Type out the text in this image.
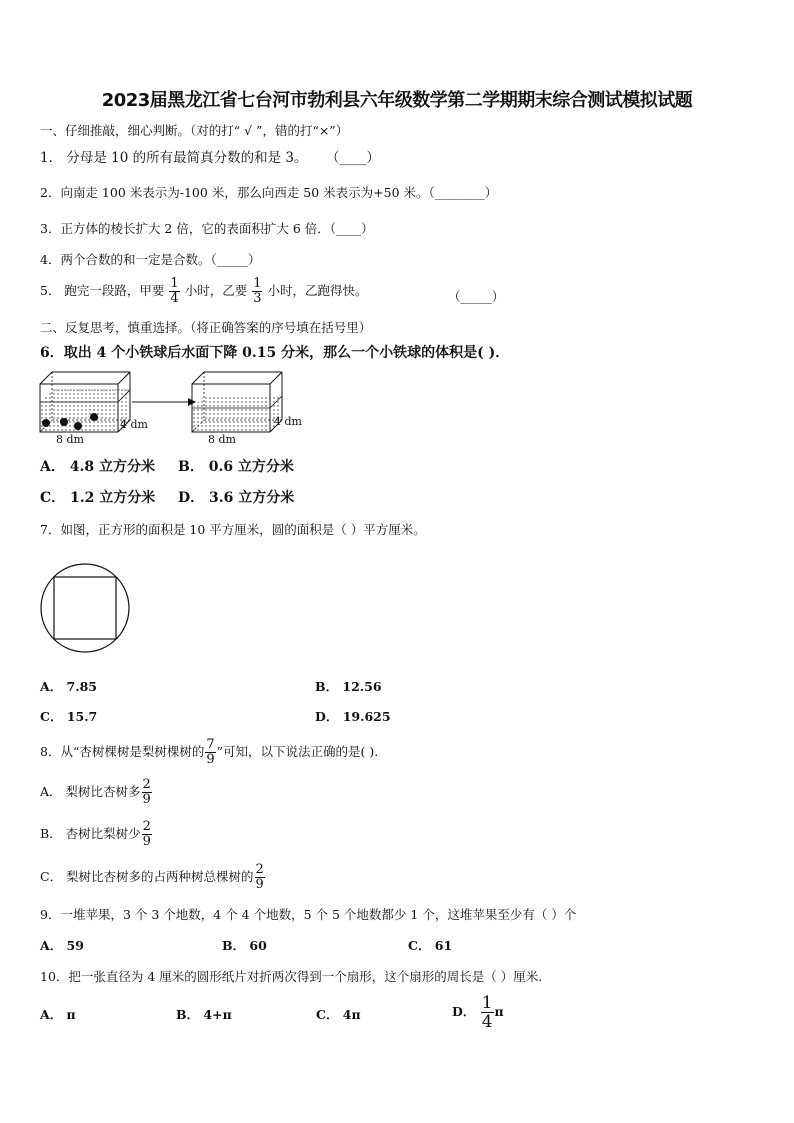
2023届黑龙江省七台河市勃利县六年级数学第二学期期末综合测试模拟试题
一、仔细推敲，细心判断。（对的打“ √ ”，错的打“×”）
1． 分母是 10 的所有最简真分数的和是 3。 （____）
2．向南走 100 米表示为-100 米，那么向西走 50 米表示为+50 米。（________）
3．正方体的棱长扩大 2 倍，它的表面积扩大 6 倍．（____）
4．两个合数的和一定是合数。（_____）
5． 跑完一段路，甲要 $\frac{1}{4}$ 小时，乙要 $\frac{1}{3}$ 小时，乙跑得快。	（_____）
二、反复思考，慎重选择。（将正确答案的序号填在括号里）
6．取出 4 个小铁球后水面下降 0.15 分米，那么一个小铁球的体积是( )．
4 dm
8 dm
4 dm
8 dm
A． 4.8 立方分米 B． 0.6 立方分米
C． 1.2 立方分米 D． 3.6 立方分米
7．如图，正方形的面积是 10 平方厘米，圆的面积是（ ）平方厘米。
A． 7.85	B． 12.56
C． 15.7	D． 19.625
8．从“杏树棵树是梨树棵树的 $\frac{7}{9}$ ”可知，以下说法正确的是( ).
A． 梨树比杏树多 $\frac{2}{9}$
B． 杏树比梨树少 $\frac{2}{9}$
C． 梨树比杏树多的占两种树总棵树的 $\frac{2}{9}$
9．一堆苹果，3 个 3 个地数，4 个 4 个地数，5 个 5 个地数都少 1 个，这堆苹果至少有（ ）个
A． 59	B． 60	C． 61
10．把一张直径为 4 厘米的圆形纸片对折两次得到一个扇形，这个扇形的周长是（ ）厘米.
A． π	B． 4+π	C． 4π	D． $\frac{1}{4}$ π
